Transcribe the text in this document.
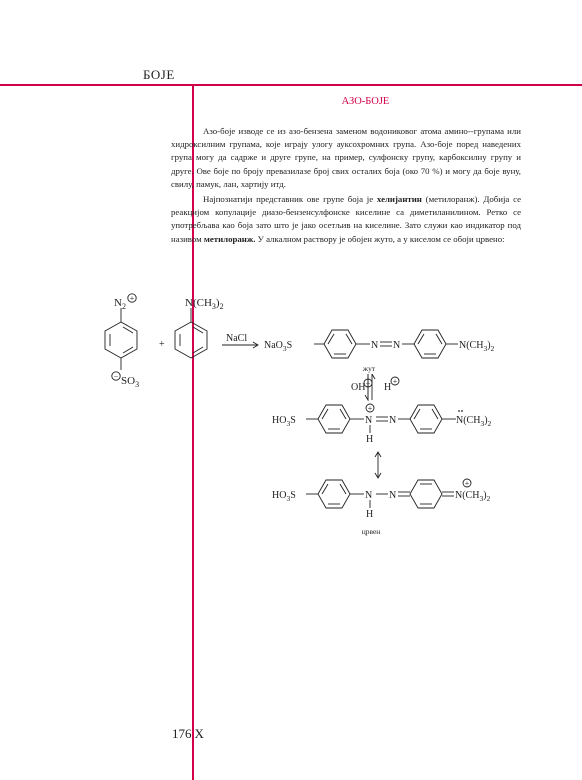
БОЈЕ
АЗО-БОЈЕ

Азо-боје изводе се из азо-бензена заменом водониковог атома амино--групама или хидроксилним групама, које играју улогу ауксохромних група. Азо-боје поред наведених група могу да садрже и друге групе, на пример, сулфонску групу, карбоксилну групу и друге. Ове боје по броју превазилазе број свих осталих боја (око 70 %) и могу да боје вуну, свилу, памук, лан, хартију итд.

Најпознатији представник ове групе боја је хелијантин (метилоранж). Добија се реакцијом копулације диазо-бензенсулфонске киселине са диметиланилином. Ретко се употребљава као боја зато што је јако осетљив на киселине. Зато служи као индикатор под називом метилоранж. У алкалном раствору је обојен жуто, а у киселом се обоји црвено:

+
−
−	+
+
+
$N_2$
$SO_3$
+
$N(CH_3)_2$
NaCl
NaO$_3$S	N N	$N(CH_3)_2$
жут
OH H
$HO_3S$	N N
H
$N(CH_3)_2$
$HO_3S$	N N
H
$N(CH_3)_2$
црвен
176 X
